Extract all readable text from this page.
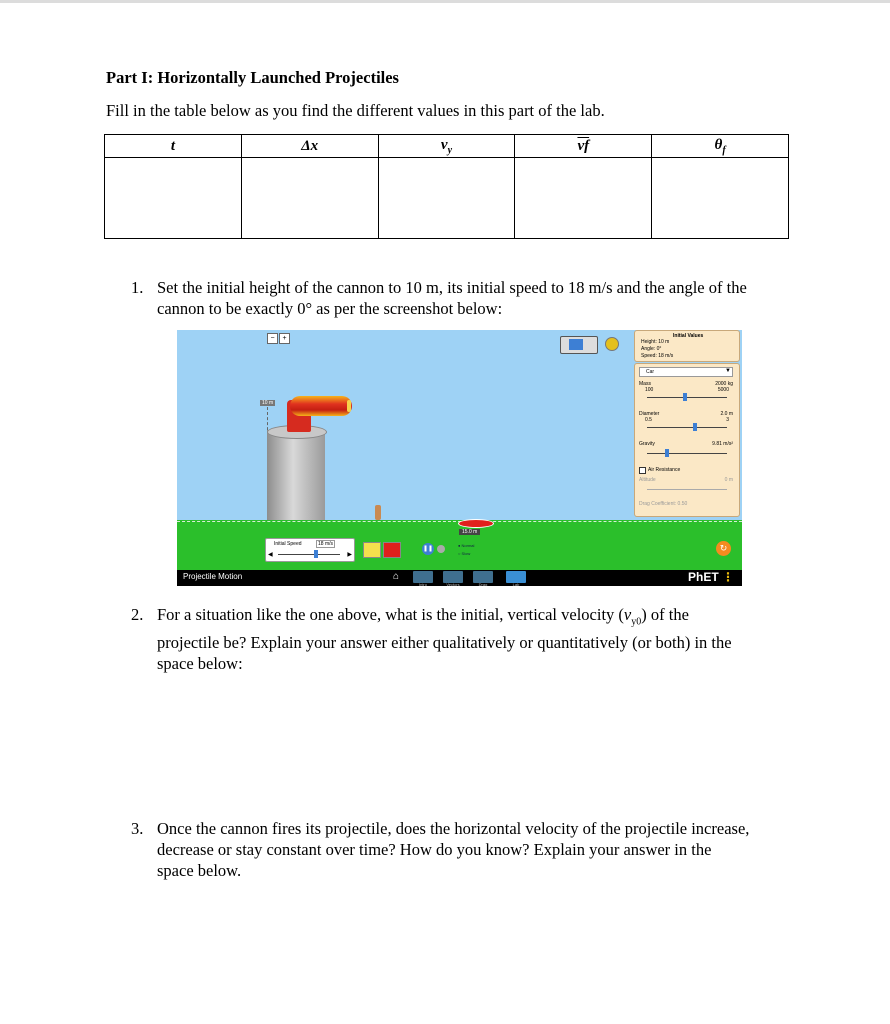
Part I: Horizontally Launched Projectiles
Fill in the table below as you find the different values in this part of the lab.
t	Δx	$v_y$	$\overline{vf}$	$\theta_f$

1. Set the initial height of the cannon to 10 m, its initial speed to 18 m/s and the angle of the
cannon to be exactly 0° as per the screenshot below:
−	+	Initial Values
Height: 10 m
Angle: 0°
Speed: 18 m/s
Car	▼
Mass	2000 kg
100	5000
Diameter	2.0 m
0.5	3
Gravity	9.81 m/s²
Air Resistance
Altitude	0 m
Drag Coefficient: 0.50
10 m
15.0 m
Initial Speed	18 m/s
◀	▶
❚❚
● Normal
○ Slow
↻
Projectile Motion	⌂
Intro	Vectors	Drag	Lab
PhET ⋮
2. For a situation like the one above, what is the initial, vertical velocity $(v_{y0})$ of the
projectile be? Explain your answer either qualitatively or quantitatively (or both) in the
space below:
3. Once the cannon fires its projectile, does the horizontal velocity of the projectile increase,
decrease or stay constant over time? How do you know? Explain your answer in the
space below.
